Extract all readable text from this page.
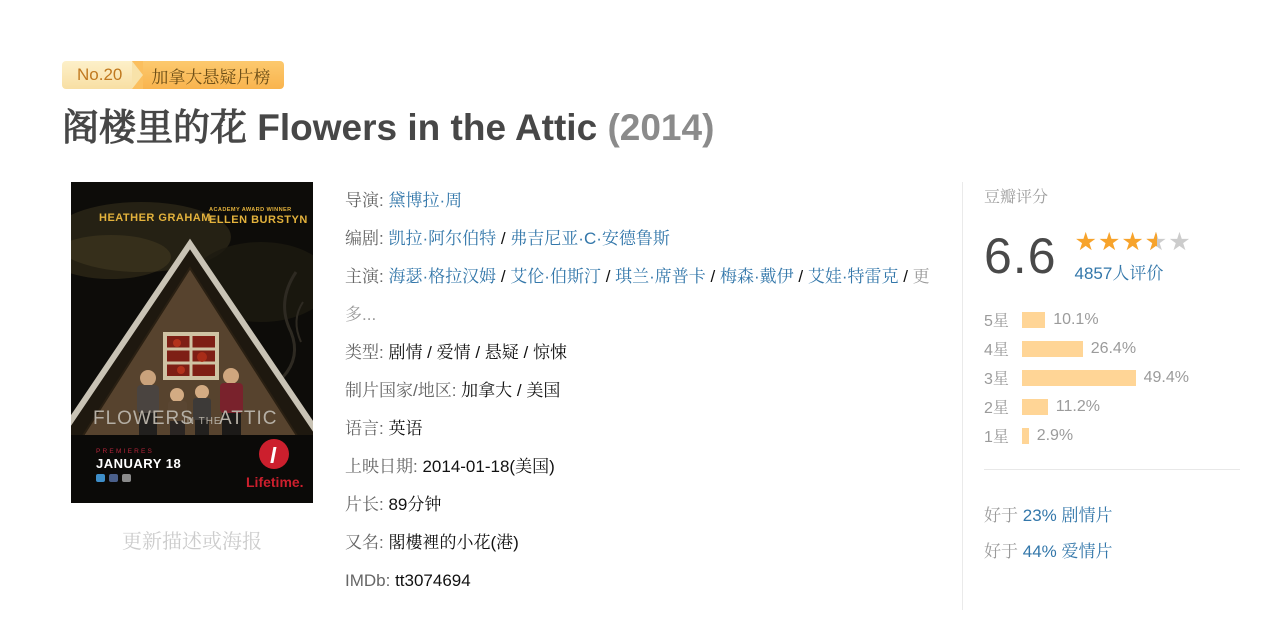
No.20	加拿大悬疑片榜
阁楼里的花 Flowers in the Attic (2014)
HEATHER GRAHAM
ACADEMY AWARD WINNER
ELLEN BURSTYN
FLOWERS
IN THE
ATTIC
PREMIERES
JANUARY 18	l
Lifetime.
更新描述或海报
导演: 黛博拉·周
编剧: 凯拉·阿尔伯特 / 弗吉尼亚·C·安德鲁斯
主演: 海瑟·格拉汉姆 / 艾伦·伯斯汀 / 琪兰·席普卡 / 梅森·戴伊 / 艾娃·特雷克 / 更多...
类型: 剧情 / 爱情 / 悬疑 / 惊悚
制片国家/地区: 加拿大 / 美国
语言: 英语
上映日期: 2014-01-18(美国)
片长: 89分钟
又名: 閣樓裡的小花(港)
IMDb: tt3074694
豆瓣评分
6.6 ★★★★ ★★
4857人评价
5星	10.1%
4星	26.4%
3星	49.4%
2星	11.2%
1星	2.9%
好于 23% 剧情片
好于 44% 爱情片
